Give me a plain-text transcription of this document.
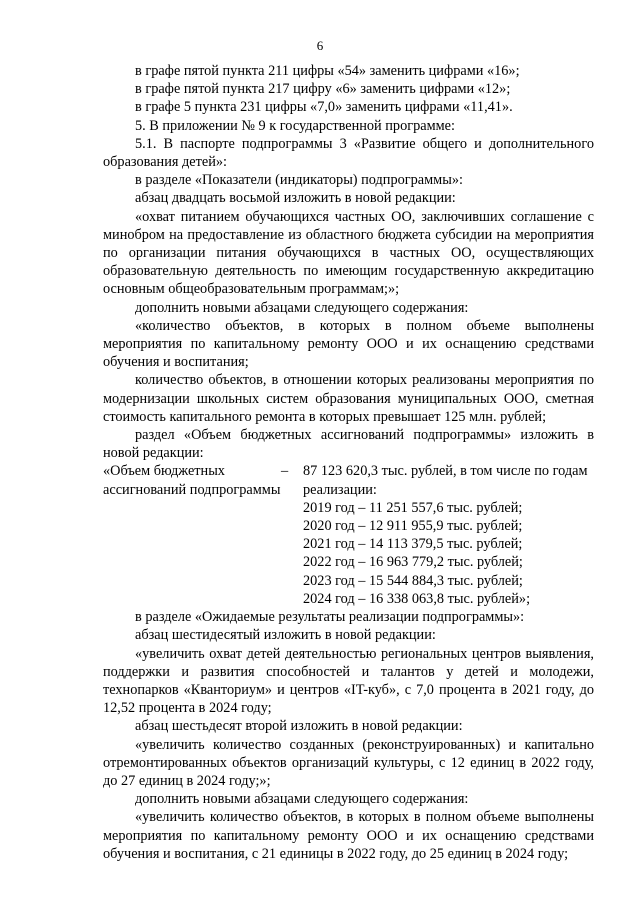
6

в графе пятой пункта 211 цифры «54» заменить цифрами «16»;

в графе пятой пункта 217 цифру «6» заменить цифрами «12»;

в графе 5 пункта 231 цифры «7,0» заменить цифрами «11,41».

5. В приложении № 9 к государственной программе:

5.1. В паспорте подпрограммы 3 «Развитие общего и дополнительного образования детей»:

в разделе «Показатели (индикаторы) подпрограммы»:

абзац двадцать восьмой изложить в новой редакции:

«охват питанием обучающихся частных ОО, заключивших соглашение с минобром на предоставление из областного бюджета субсидии на мероприятия по организации питания обучающихся в частных ОО, осуществляющих образовательную деятельность по имеющим государственную аккредитацию основным общеобразовательным программам;»;

дополнить новыми абзацами следующего содержания:

«количество объектов, в которых в полном объеме выполнены мероприятия по капитальному ремонту ООО и их оснащению средствами обучения и воспитания;

количество объектов, в отношении которых реализованы мероприятия по модернизации школьных систем образования муниципальных ООО, сметная стоимость капитального ремонта в которых превышает 125 млн. рублей;

раздел «Объем бюджетных ассигнований подпрограммы» изложить в новой редакции:

«Объем бюджетных ассигнований подпрограммы
–	87 123 620,3 тыс. рублей, в том числе по годам реализации:

2019 год – 11 251 557,6 тыс. рублей;

2020 год – 12 911 955,9 тыс. рублей;

2021 год – 14 113 379,5 тыс. рублей;

2022 год – 16 963 779,2 тыс. рублей;

2023 год – 15 544 884,3 тыс. рублей;

2024 год – 16 338 063,8 тыс. рублей»;

в разделе «Ожидаемые результаты реализации подпрограммы»:

абзац шестидесятый изложить в новой редакции:

«увеличить охват детей деятельностью региональных центров выявления, поддержки и развития способностей и талантов у детей и молодежи, технопарков «Кванториум» и центров «IT-куб», с 7,0 процента в 2021 году, до 12,52 процента в 2024 году;

абзац шестьдесят второй изложить в новой редакции:

«увеличить количество созданных (реконструированных) и капитально отремонтированных объектов организаций культуры, с 12 единиц в 2022 году, до 27 единиц в 2024 году;»;

дополнить новыми абзацами следующего содержания:

«увеличить количество объектов, в которых в полном объеме выполнены мероприятия по капитальному ремонту ООО и их оснащению средствами обучения и воспитания, с 21 единицы в 2022 году, до 25 единиц в 2024 году;
